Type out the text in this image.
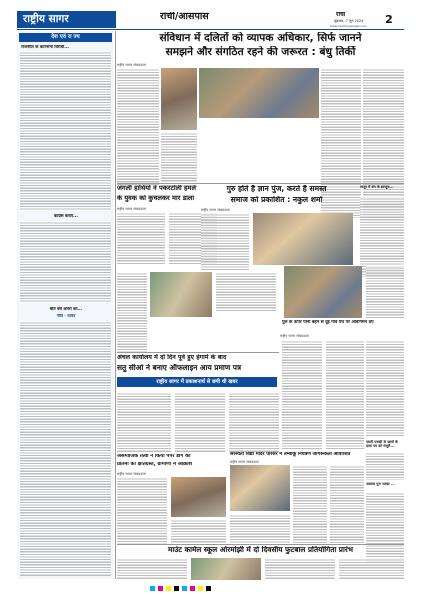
राष्ट्रीय सागर	रांची/आसपास	रांची
शुक्रवार, 7 जून 2024
www.rashtriyasagar.com	2
देश एवं रा ज्य
राजनीति के कारनामों विरोधी...
कांग्रेस बताए...
बीते वर्ष अतंरा का...
नीति - सचिव
संविधान में दलितों को व्यापक अधिकार, सिर्फ जानने
समझने और संगठित रहने की जरूरत : बंधु तिर्की
राष्ट्रीय सागर संवाददाता
जंगली हाथियों ने पकरटोली हमले
के युवक को कुचलकर मार डाला
राष्ट्रीय सागर संवाददाता
गुरु होते हैं ज्ञान पुंज, करते हैं समस्त
समाज को प्रकाशित : नकुल शर्मा
राष्ट्रीय सागर संवाददाता
लातूर में बंग के घ्रान्तूरा...
अंचल कार्यालय में दो दिन पूर्व हुए हंगामे के बाद
सतु सीओ ने बनाए ऑफलाइन आय प्रमाण पत्र
राष्ट्रीय सागर में प्रकाशनार्थ से छपी थी खबर
पुल के ऊपर पानी बहने से दुई गांव पथ पर आवागमन ठप
राष्ट्रीय सागर संवाददाता
एसटी एससी के छात्रों के दावा पत्र को मंजूरी...
आवास पुनः शाखा ...
असमाजिक तत्वों ने किया पेपर डॉग की
प्रतिमा को क्षतिग्रस्त, ग्रामीणों में आक्रोश
राष्ट्रीय सागर संवाददाता
सरस्वती विद्या मंदिर परिसर में तम्बाकू नियंत्रण जागरूकता आयोजित
राष्ट्रीय सागर संवाददाता
माउंट कार्मल स्कूल ओरमांझी में दो दिवसीय फुटबाल प्रतियोगिता प्रारंभ
